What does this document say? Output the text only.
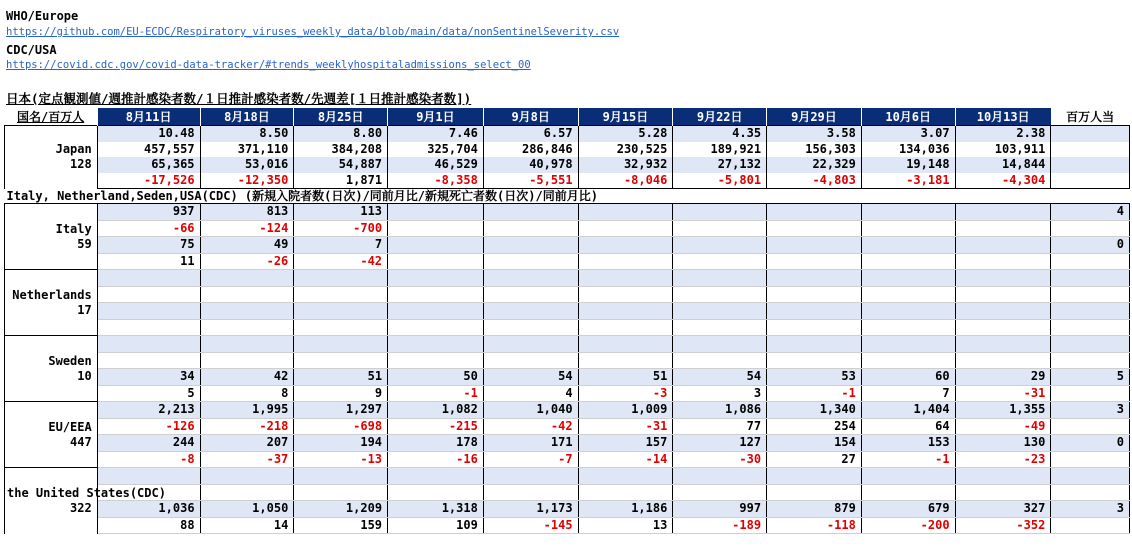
WHO/Europe
https://github.com/EU-ECDC/Respiratory_viruses_weekly_data/blob/main/data/nonSentinelSeverity.csv
CDC/USA
https://covid.cdc.gov/covid-data-tracker/#trends_weeklyhospitaladmissions_select_00
日本(定点観測値/週推計感染者数/１日推計感染者数/先週差[１日推計感染者数])
国名/百万人	8月11日	8月18日	8月25日	9月1日	9月8日	9月15日	9月22日	9月29日	10月6日	10月13日	百万人当

Japan
128	10.48	8.50	8.80	7.46	6.57	5.28	4.35	3.58	3.07	2.38	
	457,557	371,110	384,208	325,704	286,846	230,525	189,921	156,303	134,036	103,911	
	65,365	53,016	54,887	46,529	40,978	32,932	27,132	22,329	19,148	14,844	
	-17,526	-12,350	1,871	-8,358	-5,551	-8,046	-5,801	-4,803	-3,181	-4,304	
Italy, Netherland,Seden,USA(CDC) (新規入院者数(日次)/同前月比/新規死亡者数(日次)/同前月比)											

Italy
59	937	813	113								4
	-66	-124	-700								
	75	49	7								0
	11	-26	-42								

Netherlands
17											

Sweden
10											

	34	42	51	50	54	51	54	53	60	29	5
	5	8	9	-1	4	-3	3	-1	7	-31	

EU/EEA
447	2,213	1,995	1,297	1,082	1,040	1,009	1,086	1,340	1,404	1,355	3
	-126	-218	-698	-215	-42	-31	77	254	64	-49	
	244	207	194	178	171	157	127	154	153	130	0
	-8	-37	-13	-16	-7	-14	-30	27	-1	-23	

the United States(CDC)
322											

	1,036	1,050	1,209	1,318	1,173	1,186	997	879	679	327	3
	88	14	159	109	-145	13	-189	-118	-200	-352	
